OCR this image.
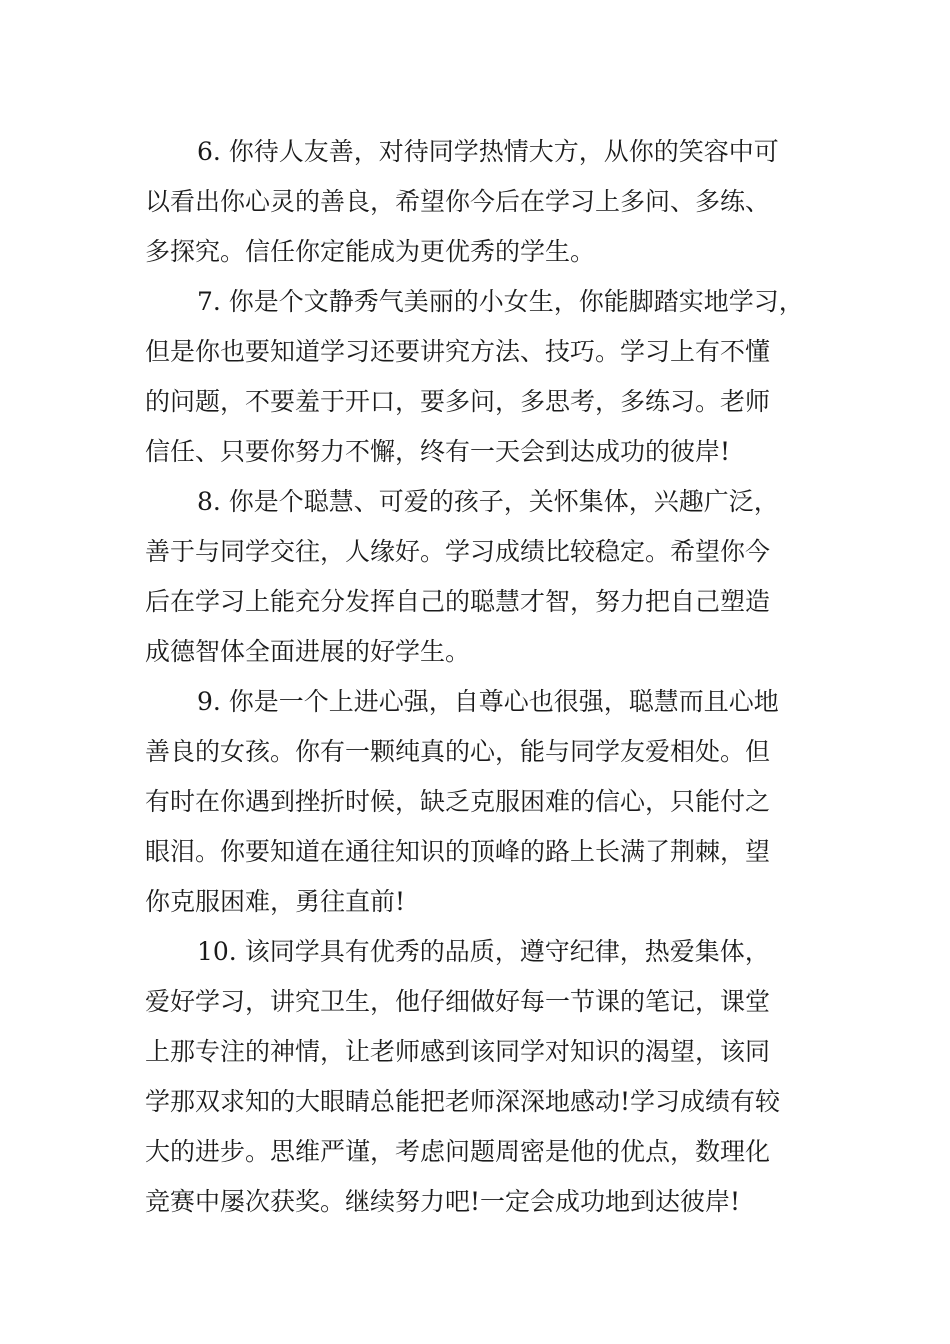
6. 你待人友善，对待同学热情大方，从你的笑容中可
以看出你心灵的善良，希望你今后在学习上多问、多练、
多探究。信任你定能成为更优秀的学生。
7. 你是个文静秀气美丽的小女生，你能脚踏实地学习，
但是你也要知道学习还要讲究方法、技巧。学习上有不懂
的问题，不要羞于开口，要多问，多思考，多练习。老师
信任、只要你努力不懈，终有一天会到达成功的彼岸!
8. 你是个聪慧、可爱的孩子，关怀集体，兴趣广泛，
善于与同学交往，人缘好。学习成绩比较稳定。希望你今
后在学习上能充分发挥自己的聪慧才智，努力把自己塑造
成德智体全面进展的好学生。
9. 你是一个上进心强，自尊心也很强，聪慧而且心地
善良的女孩。你有一颗纯真的心，能与同学友爱相处。但
有时在你遇到挫折时候，缺乏克服困难的信心，只能付之
眼泪。你要知道在通往知识的顶峰的路上长满了荆棘，望
你克服困难，勇往直前!
10. 该同学具有优秀的品质，遵守纪律，热爱集体，
爱好学习，讲究卫生，他仔细做好每一节课的笔记，课堂
上那专注的神情，让老师感到该同学对知识的渴望，该同
学那双求知的大眼睛总能把老师深深地感动!学习成绩有较
大的进步。思维严谨，考虑问题周密是他的优点，数理化
竞赛中屡次获奖。继续努力吧!一定会成功地到达彼岸!
